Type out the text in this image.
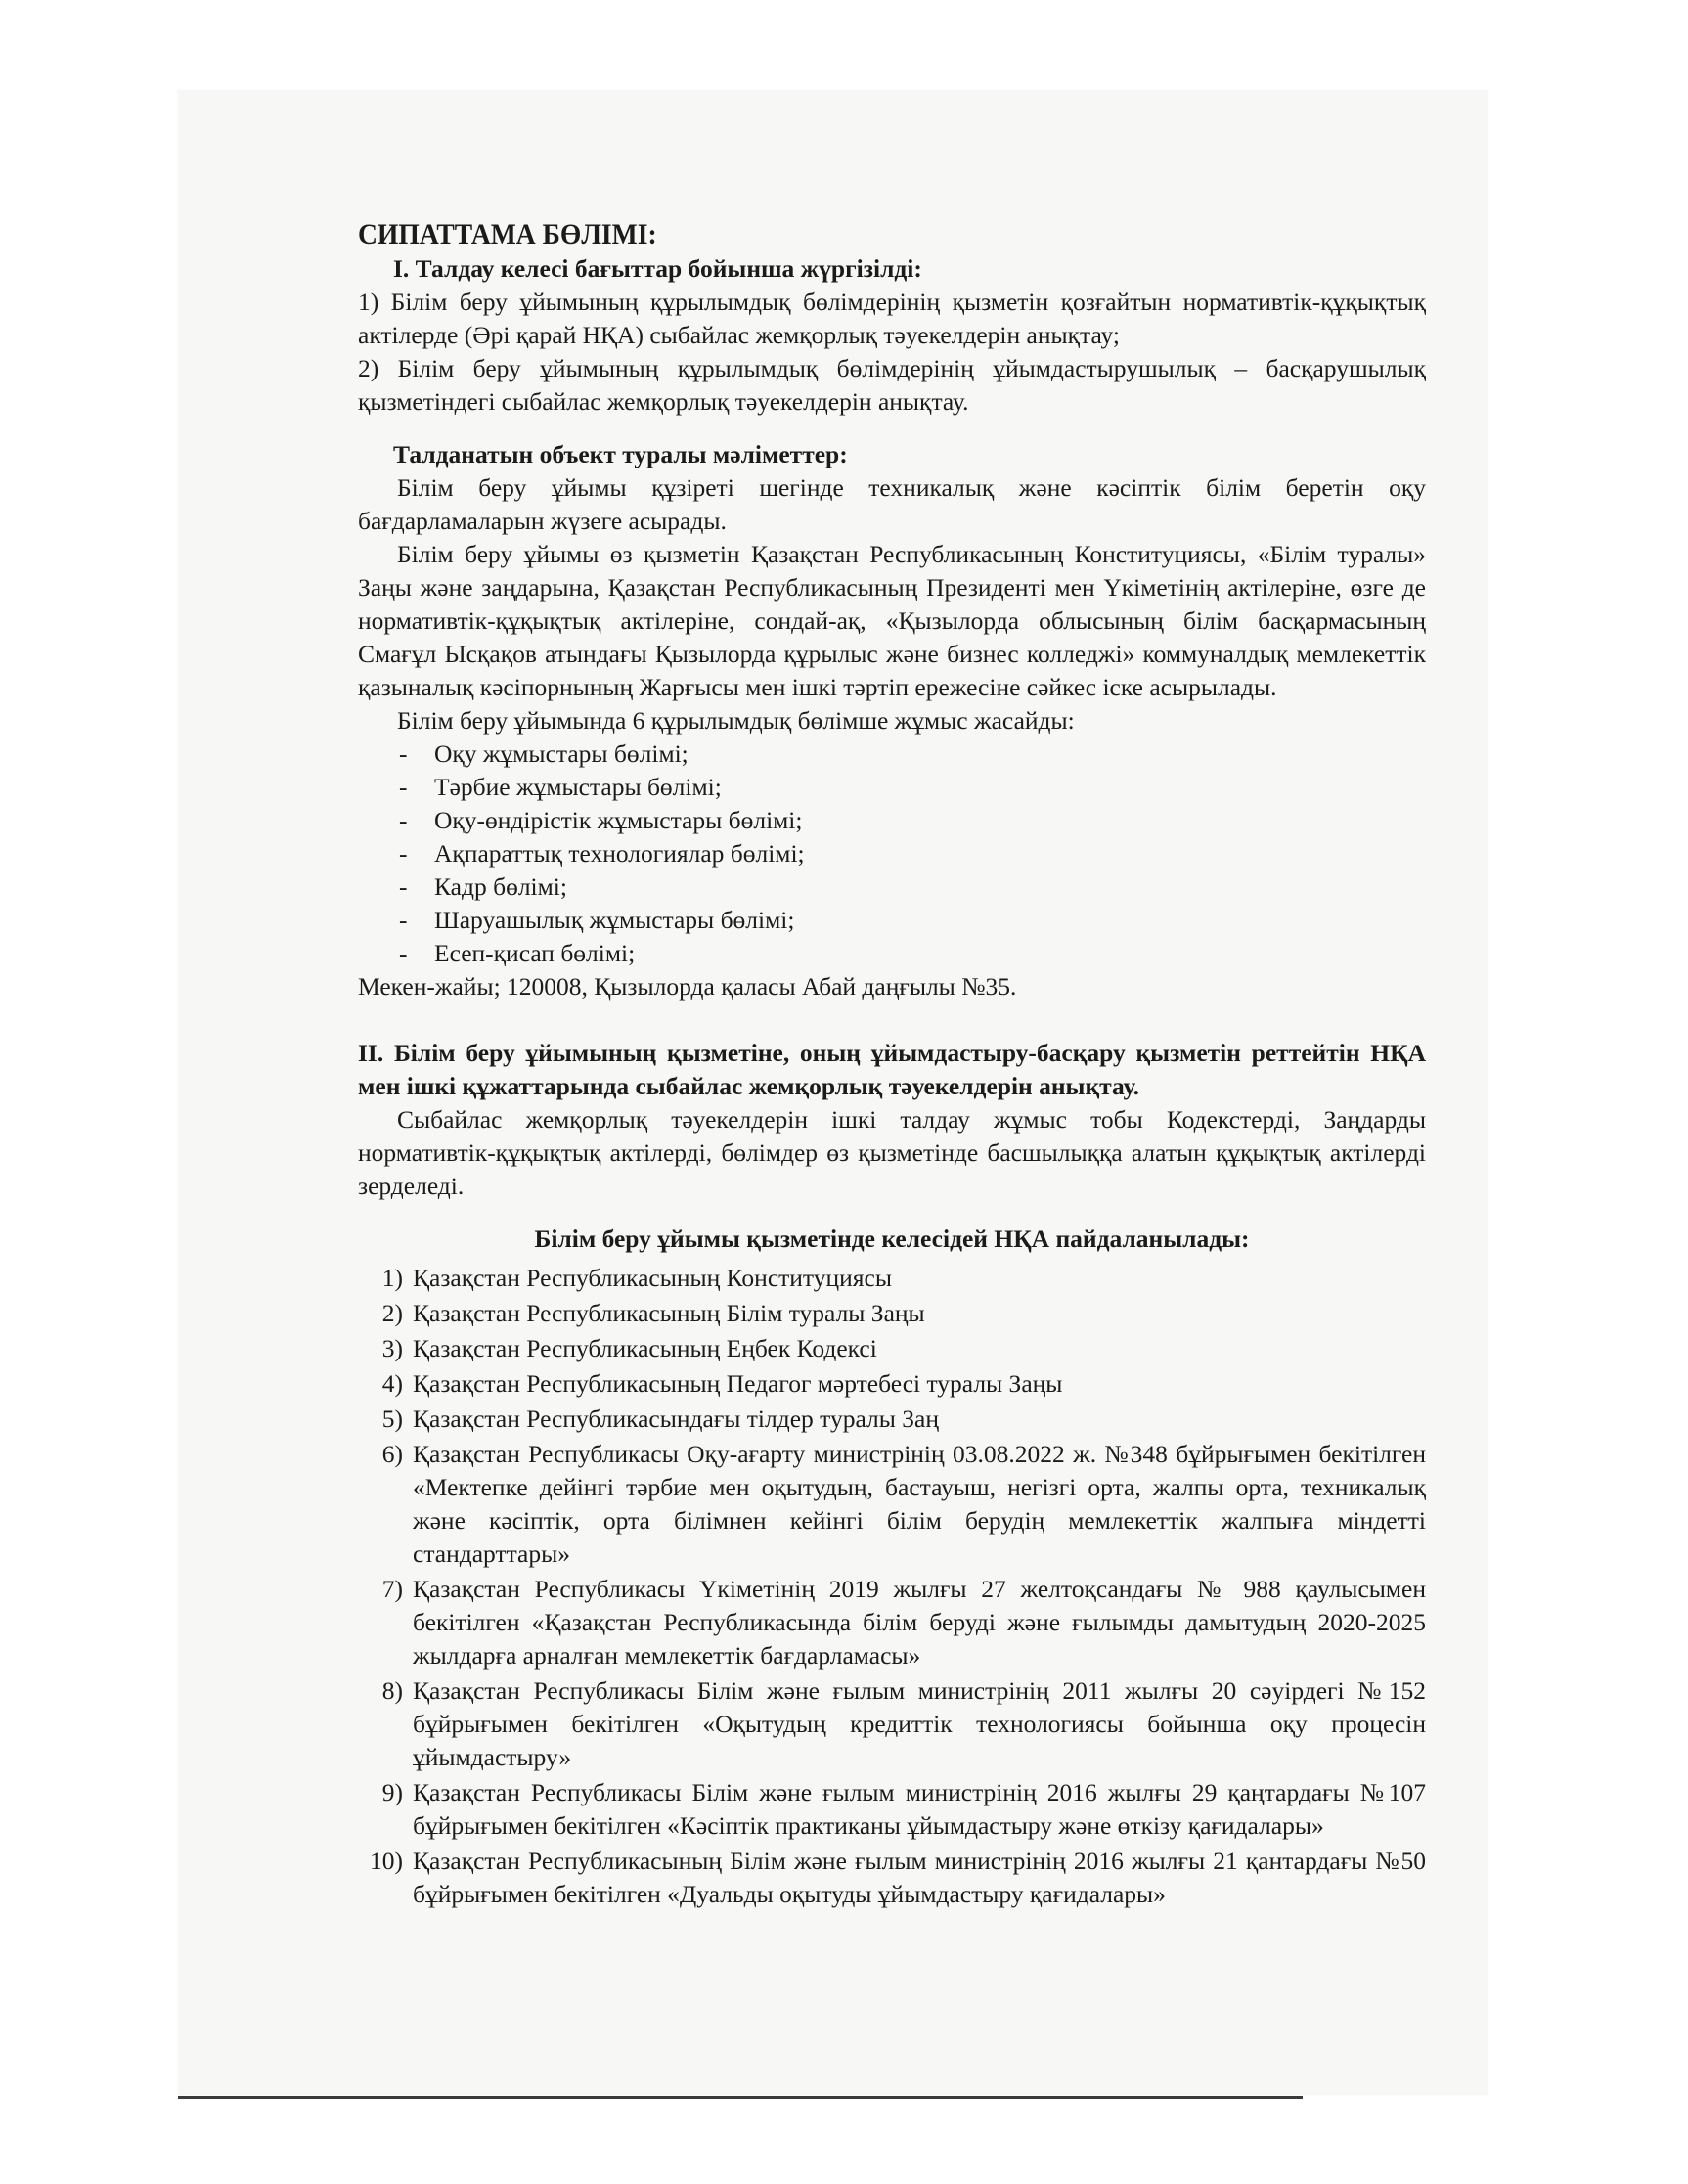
СИПАТТАМА БӨЛІМІ:

І. Талдау келесі бағыттар бойынша жүргізілді:

1) Білім беру ұйымының құрылымдық бөлімдерінің қызметін қозғайтын нормативтік-құқықтық актілерде (Әрі қарай НҚА) сыбайлас жемқорлық тәуекелдерін анықтау;

2) Білім беру ұйымының құрылымдық бөлімдерінің ұйымдастырушылық – басқарушылық қызметіндегі сыбайлас жемқорлық тәуекелдерін анықтау.

Талданатын объект туралы мәліметтер:

Білім беру ұйымы құзіреті шегінде техникалық және кәсіптік білім беретін оқу бағдарламаларын жүзеге асырады.

Білім беру ұйымы өз қызметін Қазақстан Республикасының Конституциясы, «Білім туралы» Заңы және заңдарына, Қазақстан Республикасының Президенті мен Үкіметінің актілеріне, өзге де нормативтік-құқықтық актілеріне, сондай-ақ, «Қызылорда облысының білім басқармасының Смағұл Ысқақов атындағы Қызылорда құрылыс және бизнес колледжі» коммуналдық мемлекеттік қазыналық кәсіпорнының Жарғысы мен ішкі тәртіп ережесіне сәйкес іске асырылады.

Білім беру ұйымында 6 құрылымдық бөлімше жұмыс жасайды:

- Оқу жұмыстары бөлімі;
- Тәрбие жұмыстары бөлімі;
- Оқу-өндірістік жұмыстары бөлімі;
- Ақпараттық технологиялар бөлімі;
- Кадр бөлімі;
- Шаруашылық жұмыстары бөлімі;
- Есеп-қисап бөлімі;

Мекен-жайы; 120008, Қызылорда қаласы Абай даңғылы №35.

ІІ. Білім беру ұйымының қызметіне, оның ұйымдастыру-басқару қызметін реттейтін НҚА мен ішкі құжаттарында сыбайлас жемқорлық тәуекелдерін анықтау.

Сыбайлас жемқорлық тәуекелдерін ішкі талдау жұмыс тобы Кодекстерді, Заңдарды нормативтік-құқықтық актілерді, бөлімдер өз қызметінде басшылыққа алатын құқықтық актілерді зерделеді.

Білім беру ұйымы қызметінде келесідей НҚА пайдаланылады:

1) Қазақстан Республикасының Конституциясы
2) Қазақстан Республикасының Білім туралы Заңы
3) Қазақстан Республикасының Еңбек Кодексі
4) Қазақстан Республикасының Педагог мәртебесі туралы Заңы
5) Қазақстан Республикасындағы тілдер туралы Заң
6) Қазақстан Республикасы Оқу-ағарту министрінің 03.08.2022 ж. №348 бұйрығымен бекітілген «Мектепке дейінгі тәрбие мен оқытудың, бастауыш, негізгі орта, жалпы орта, техникалық және кәсіптік, орта білімнен кейінгі білім берудің мемлекеттік жалпыға міндетті стандарттары»
7) Қазақстан Республикасы Үкіметінің 2019 жылғы 27 желтоқсандағы № 988 қаулысымен бекітілген «Қазақстан Республикасында білім беруді және ғылымды дамытудың 2020-2025 жылдарға арналған мемлекеттік бағдарламасы»
8) Қазақстан Республикасы Білім және ғылым министрінің 2011 жылғы 20 сәуірдегі №152 бұйрығымен бекітілген «Оқытудың кредиттік технологиясы бойынша оқу процесін ұйымдастыру»
9) Қазақстан Республикасы Білім және ғылым министрінің 2016 жылғы 29 қаңтардағы №107 бұйрығымен бекітілген «Кәсіптік практиканы ұйымдастыру және өткізу қағидалары»
10) Қазақстан Республикасының Білім және ғылым министрінің 2016 жылғы 21 қантардағы №50 бұйрығымен бекітілген «Дуальды оқытуды ұйымдастыру қағидалары»
